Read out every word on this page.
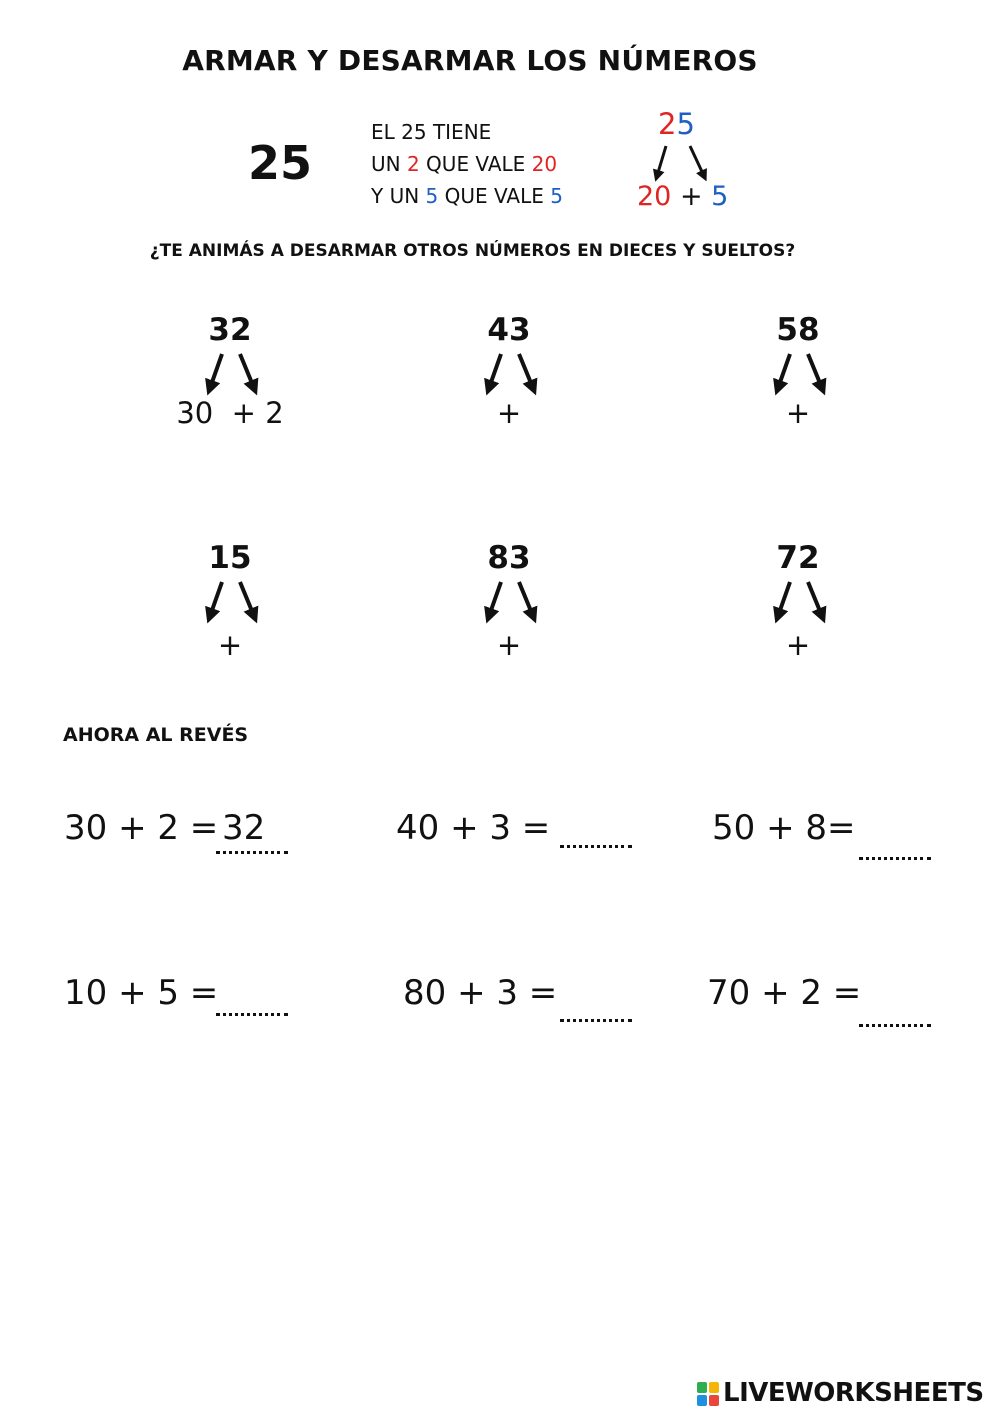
ARMAR Y DESARMAR LOS NÚMEROS
25
EL 25 TIENE
UN 2 QUE VALE 20
Y UN 5 QUE VALE 5
25
20 + 5
¿TE ANIMÁS A DESARMAR OTROS NÚMEROS EN DIECES Y SUELTOS?
32
30  + 2
43
+
58
+
15
+
83
+
72
+
AHORA AL REVÉS
30 + 2 = 32	40 + 3 =	50 + 8=
10 + 5 =	80 + 3 =	70 + 2 =
LIVEWORKSHEETS
